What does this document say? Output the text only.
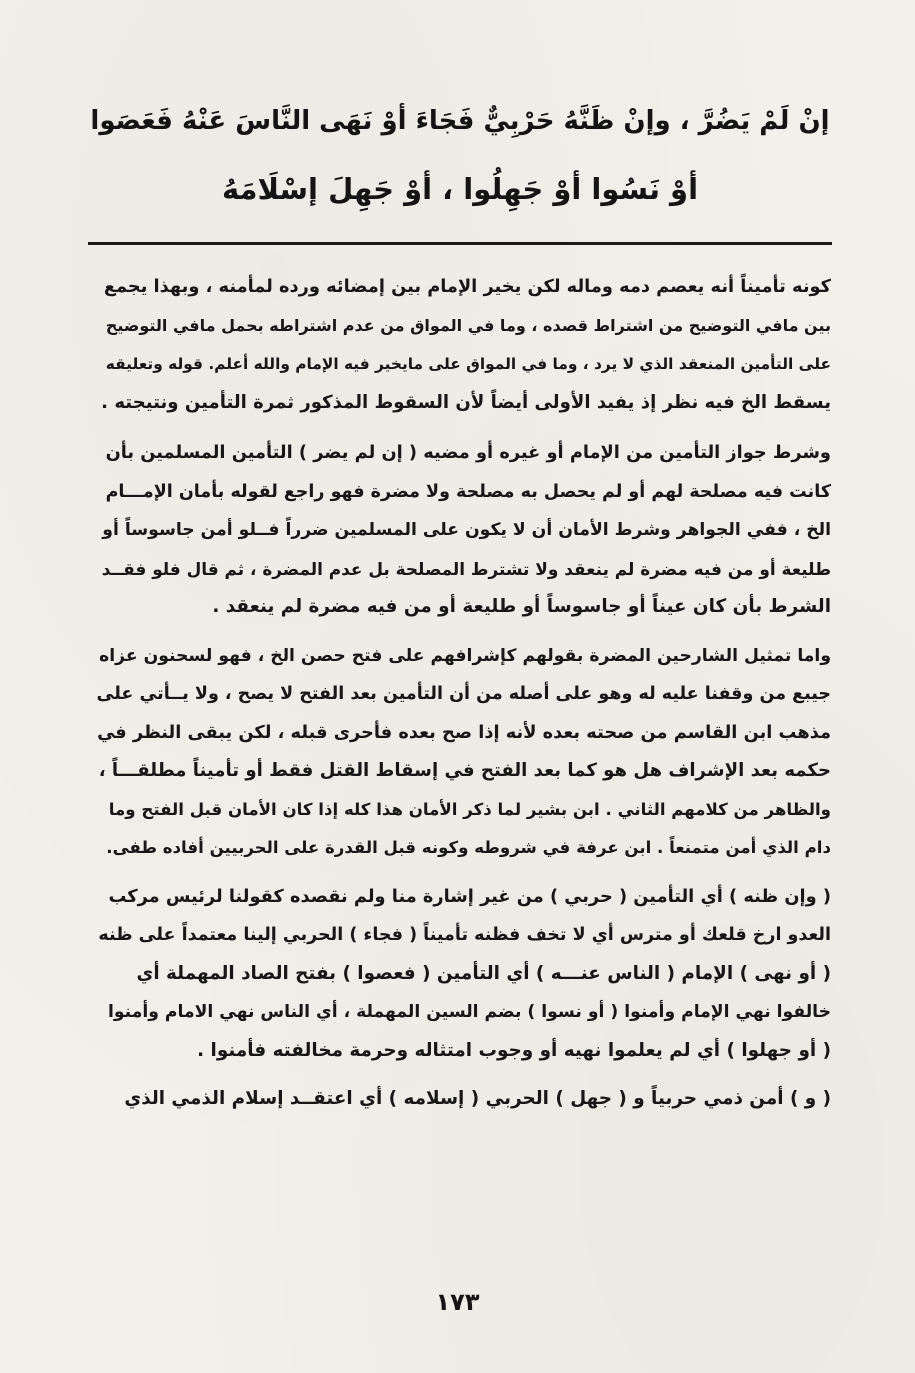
إنْ لَمْ يَضُرَّ ، وإنْ ظَنَّهُ حَرْبِيٌّ فَجَاءَ أوْ نَهَى النَّاسَ عَنْهُ فَعَصَوا
أوْ نَسُوا أوْ جَهِلُوا ، أوْ جَهِلَ إسْلَامَهُ
كونه تأميناً أنه يعصم دمه وماله لكن يخير الإمام بين إمضائه ورده لمأمنه ، وبهذا يجمع
بين مافي التوضيح من اشتراط قصده ، وما في المواق من عدم اشتراطه بحمل مافي التوضيح
على التأمين المنعقد الذي لا يرد ، وما في المواق على مايخير فيه الإمام والله أعلم. قوله وتعليقه
يسقط الخ فيه نظر إذ يفيد الأولى أيضاً لأن السقوط المذكور ثمرة التأمين ونتيجته .
وشرط جواز التأمين من الإمام أو غيره أو مضيه ( إن لم يضر ) التأمين المسلمين بأن
كانت فيه مصلحة لهم أو لم يحصل به مصلحة ولا مضرة فهو راجع لقوله بأمان الإمـــام
الخ ، ففي الجواهر وشرط الأمان أن لا يكون على المسلمين ضرراً فــلو أمن جاسوساً أو
طليعة أو من فيه مضرة لم ينعقد ولا تشترط المصلحة بل عدم المضرة ، ثم قال فلو فقــد
الشرط بأن كان عيناً أو جاسوساً أو طليعة أو من فيه مضرة لم ينعقد .
واما تمثيل الشارحين المضرة بقولهم كإشرافهم على فتح حصن الخ ، فهو لسحنون عزاه
جيبع من وقفنا عليه له وهو على أصله من أن التأمين بعد الفتح لا يصح ، ولا يــأتي على
مذهب ابن القاسم من صحته بعده لأنه إذا صح بعده فأحرى قبله ، لكن يبقى النظر في
حكمه بعد الإشراف هل هو كما بعد الفتح في إسقاط القتل فقط أو تأميناً مطلقـــاً ،
والظاهر من كلامهم الثاني . ابن بشير لما ذكر الأمان هذا كله إذا كان الأمان قبل الفتح وما
دام الذي أمن متمنعاً . ابن عرفة في شروطه وكونه قبل القدرة على الحربيين أفاده طفى.
( وإن ظنه ) أي التأمين ( حربي ) من غير إشارة منا ولم نقصده كقولنا لرئيس مركب
العدو ارخ قلعك أو مترس أي لا تخف فظنه تأميناً ( فجاء ) الحربي إلينا معتمداً على ظنه
( أو نهى ) الإمام ( الناس عنـــه ) أي التأمين ( فعصوا ) بفتح الصاد المهملة أي
خالفوا نهي الإمام وأمنوا ( أو نسوا ) بضم السين المهملة ، أي الناس نهي الامام وأمنوا
( أو جهلوا ) أي لم يعلموا نهيه أو وجوب امتثاله وحرمة مخالفته فأمنوا .
( و ) أمن ذمي حربياً و ( جهل ) الحربي ( إسلامه ) أي اعتقــد إسلام الذمي الذي
١٧٣
